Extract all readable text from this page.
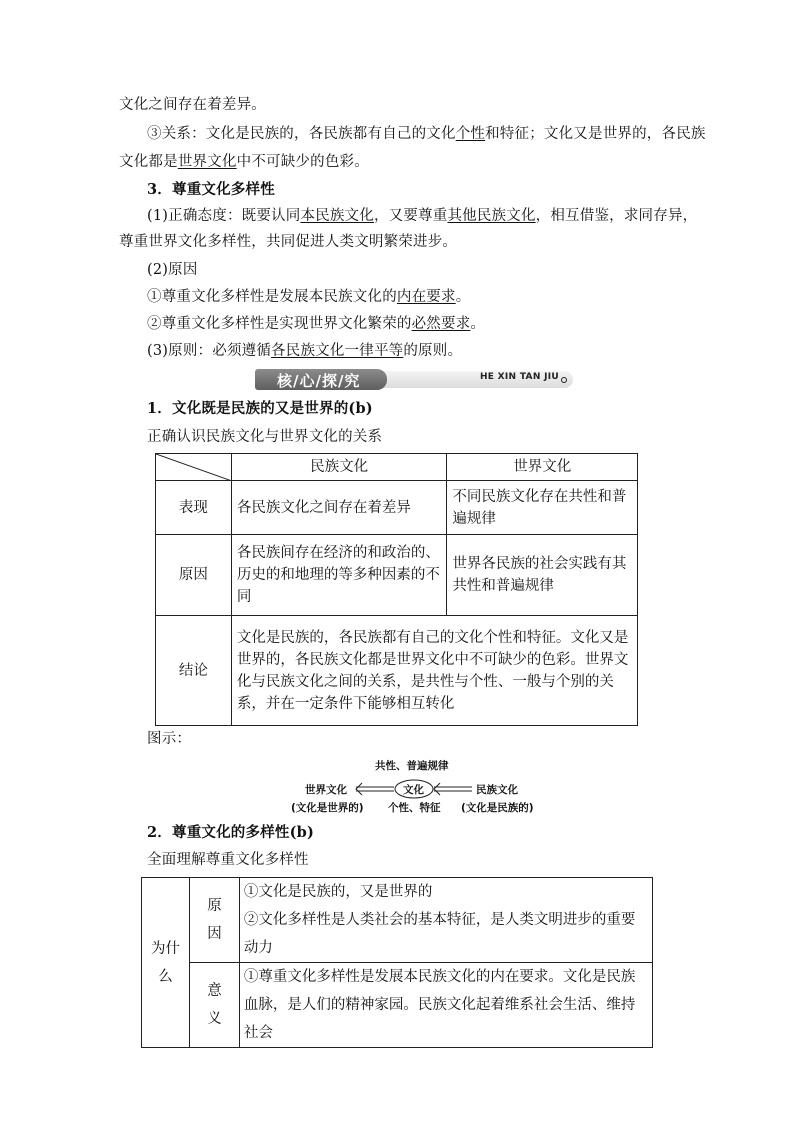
文化之间存在着差异。
③关系：文化是民族的，各民族都有自己的文化个性和特征；文化又是世界的，各民族
文化都是世界文化中不可缺少的色彩。
3．尊重文化多样性
(1)正确态度：既要认同本民族文化，又要尊重其他民族文化，相互借鉴，求同存异，
尊重世界文化多样性，共同促进人类文明繁荣进步。
(2)原因
①尊重文化多样性是发展本民族文化的内在要求。
②尊重文化多样性是实现世界文化繁荣的必然要求。
(3)原则：必须遵循各民族文化一律平等的原则。
核/心/探/究	HE XIN TAN JIU
1．文化既是民族的又是世界的(b)
正确认识民族文化与世界文化的关系
	民族文化	世界文化
表现	各民族文化之间存在着差异	不同民族文化存在共性和普遍规律
原因	各民族间存在经济的和政治的、历史的和地理的等多种因素的不同	世界各民族的社会实践有其共性和普遍规律
结论	文化是民族的，各民族都有自己的文化个性和特征。文化又是世界的，各民族文化都是世界文化中不可缺少的色彩。世界文化与民族文化之间的关系，是共性与个性、一般与个别的关系，并在一定条件下能够相互转化	
图示：
共性、普遍规律
世界文化	文化	民族文化
(文化是世界的) 个性、特征 (文化是民族的)
2．尊重文化的多样性(b)
全面理解尊重文化多样性
为什么	原因	①文化是民族的，又是世界的
②文化多样性是人类社会的基本特征，是人类文明进步的重要动力

	意义	①尊重文化多样性是发展本民族文化的内在要求。文化是民族血脉，是人们的精神家园。民族文化起着维系社会生活、维持社会
